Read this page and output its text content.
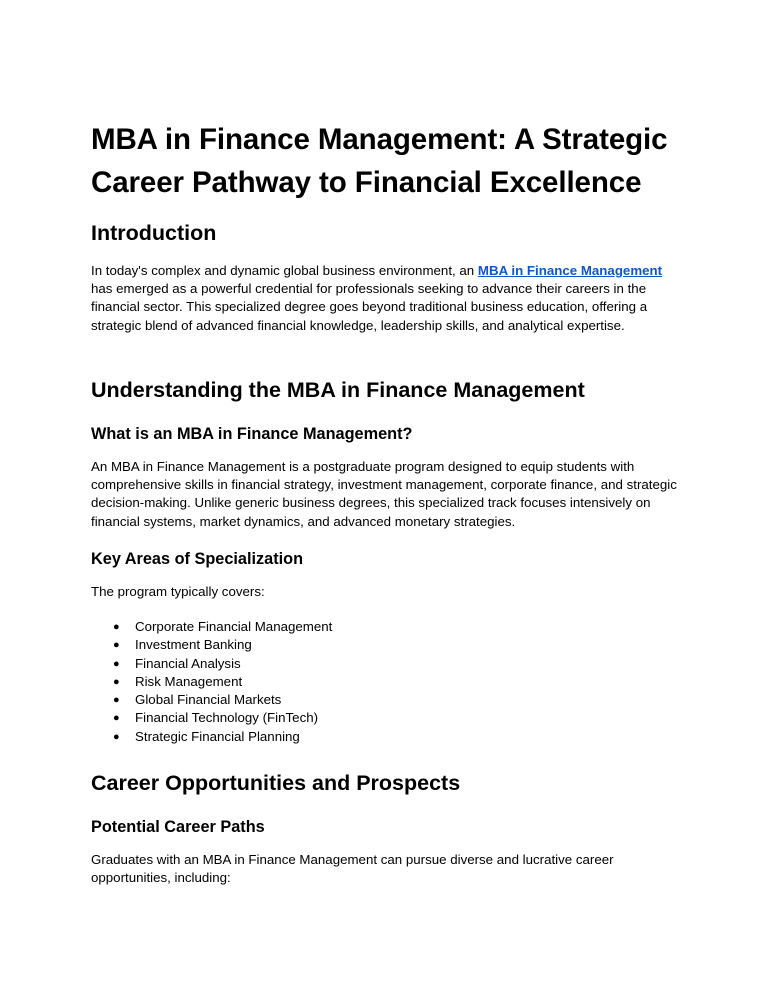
MBA in Finance Management: A Strategic Career Pathway to Financial Excellence
Introduction

In today's complex and dynamic global business environment, an MBA in Finance Management has emerged as a powerful credential for professionals seeking to advance their careers in the financial sector. This specialized degree goes beyond traditional business education, offering a strategic blend of advanced financial knowledge, leadership skills, and analytical expertise.

Understanding the MBA in Finance Management
What is an MBA in Finance Management?

An MBA in Finance Management is a postgraduate program designed to equip students with comprehensive skills in financial strategy, investment management, corporate finance, and strategic decision-making. Unlike generic business degrees, this specialized track focuses intensively on financial systems, market dynamics, and advanced monetary strategies.

Key Areas of Specialization

The program typically covers:

● Corporate Financial Management
● Investment Banking
● Financial Analysis
● Risk Management
● Global Financial Markets
● Financial Technology (FinTech)
● Strategic Financial Planning
Career Opportunities and Prospects
Potential Career Paths

Graduates with an MBA in Finance Management can pursue diverse and lucrative career opportunities, including:
